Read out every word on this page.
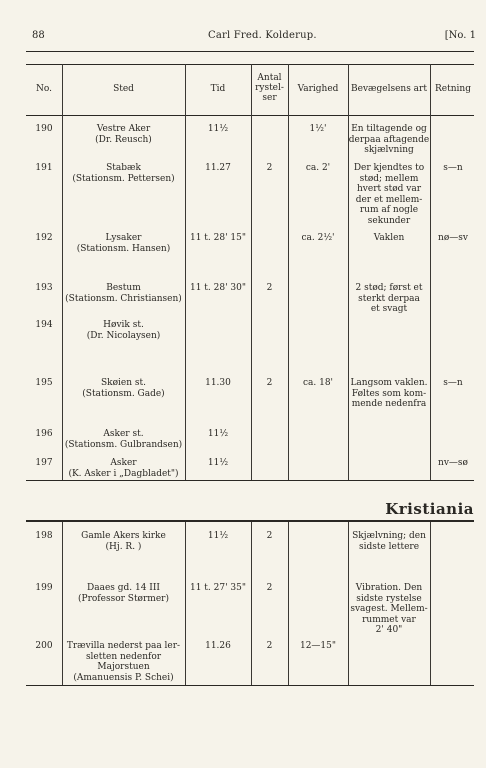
88	Carl Fred. Kolderup.	[No. 1
No.	Sted	Tid
Antal
rystel-
ser
Varighed	Bevægelsens art Retning
Kristiania
190	Vestre Aker
(Dr. Reusch)
11½	1½'	En tiltagende og
derpaa aftagende
skjælvning
191	Stabæk
(Stationsm. Pettersen)
11.27	2	ca. 2'	Der kjendtes to
stød; mellem
hvert stød var
der et mellem-
rum af nogle
sekunder
s—n
192	Lysaker
(Stationsm. Hansen)
11 t. 28' 15"	ca. 2½'	Vaklen	nø—sv
193	Bestum
(Stationsm. Christiansen)
11 t. 28' 30"	2	2 stød; først et
sterkt derpaa
et svagt
194	Høvik st.
(Dr. Nicolaysen)
195	Skøien st.
(Stationsm. Gade)
11.30	2	ca. 18'	Langsom vaklen.
Føltes som kom-
mende nedenfra
s—n
196	Asker st.
(Stationsm. Gulbrandsen)
11½
197	Asker
(K. Asker i „Dagbladet")
11½	nv—sø
198	Gamle Akers kirke
(Hj. R. )
11½	2	Skjælvning; den
sidste lettere
199	Daaes gd. 14 III
(Professor Størmer)
11 t. 27' 35"	2	Vibration. Den
sidste rystelse
svagest. Mellem-
rummet var
2' 40"
200	Trævilla nederst paa ler-
sletten nedenfor
Majorstuen
(Amanuensis P. Schei)
11.26	2	12—15"
